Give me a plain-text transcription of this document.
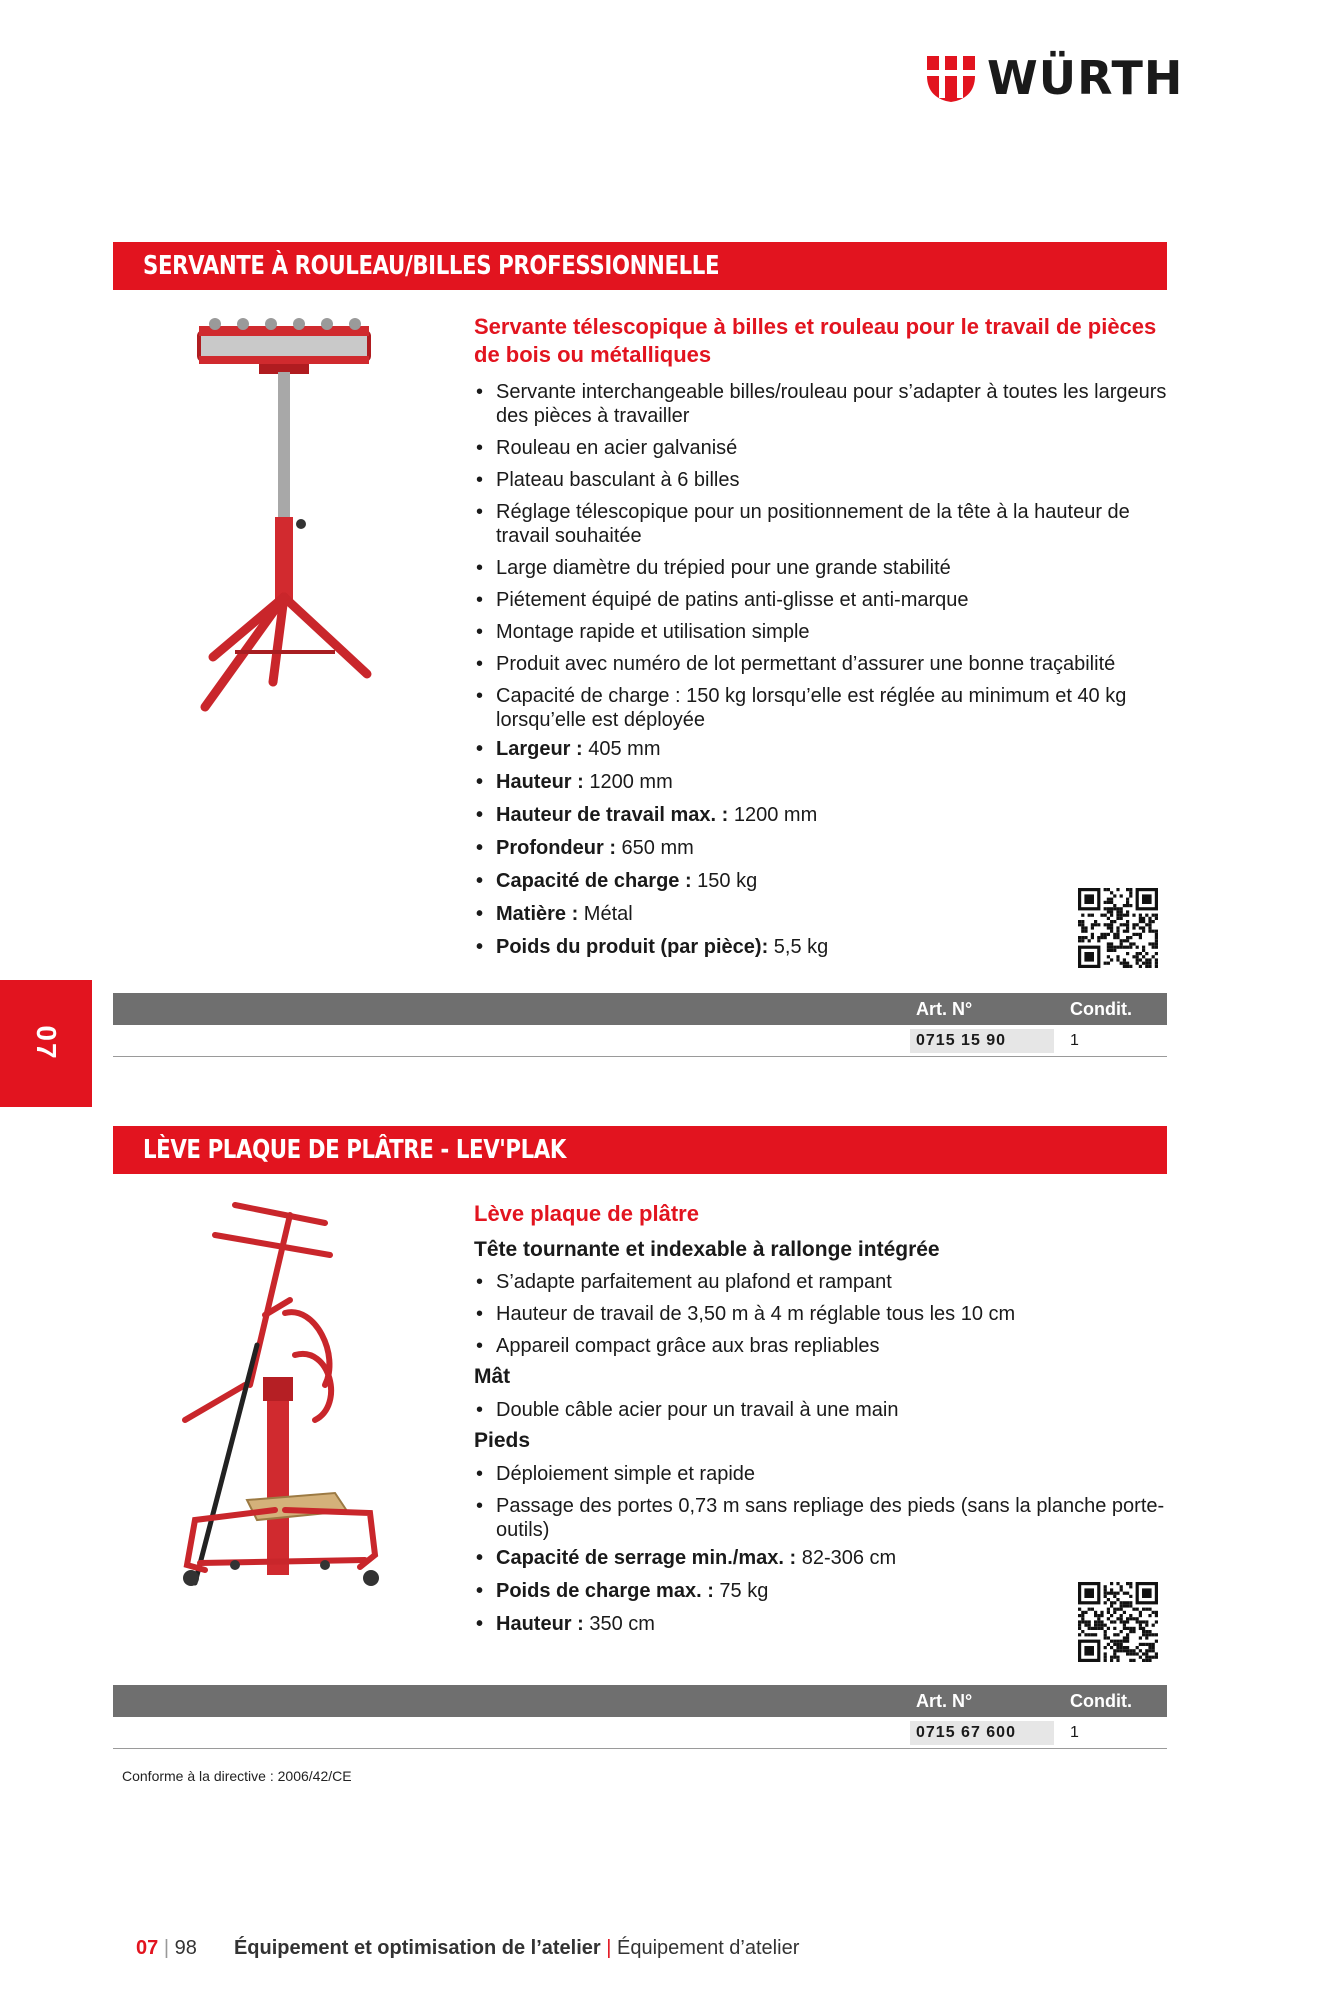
WÜRTH
07
SERVANTE À ROULEAU/BILLES PROFESSIONNELLE
Servante télescopique à billes et rouleau pour le travail de pièces de bois ou métalliques
• Servante interchangeable billes/rouleau pour s’adapter à toutes les largeurs des pièces à travailler
• Rouleau en acier galvanisé
• Plateau basculant à 6 billes
• Réglage télescopique pour un positionnement de la tête à la hauteur de travail souhaitée
• Large diamètre du trépied pour une grande stabilité
• Piétement équipé de patins anti-glisse et anti-marque
• Montage rapide et utilisation simple
• Produit avec numéro de lot permettant d’assurer une bonne traçabilité
• Capacité de charge : 150 kg lorsqu’elle est réglée au minimum et 40 kg lorsqu’elle est déployée
• Largeur : 405 mm
• Hauteur : 1200 mm
• Hauteur de travail max. : 1200 mm
• Profondeur : 650 mm
• Capacité de charge : 150 kg
• Matière : Métal
• Poids du produit (par pièce): 5,5 kg
Art. N°	Condit.
0715 15 90	1
LÈVE PLAQUE DE PLÂTRE - LEV'PLAK
Lève plaque de plâtre
Tête tournante et indexable à rallonge intégrée
• S’adapte parfaitement au plafond et rampant
• Hauteur de travail de 3,50 m à 4 m réglable tous les 10 cm
• Appareil compact grâce aux bras repliables
Mât
• Double câble acier pour un travail à une main
Pieds
• Déploiement simple et rapide
• Passage des portes 0,73 m sans repliage des pieds (sans la planche porte-outils)
• Capacité de serrage min./max. : 82-306 cm
• Poids de charge max. : 75 kg
• Hauteur : 350 cm
Art. N°	Condit.
0715 67 600	1
Conforme à la directive : 2006/42/CE
07 | 98 Équipement et optimisation de l’atelier | Équipement d’atelier
